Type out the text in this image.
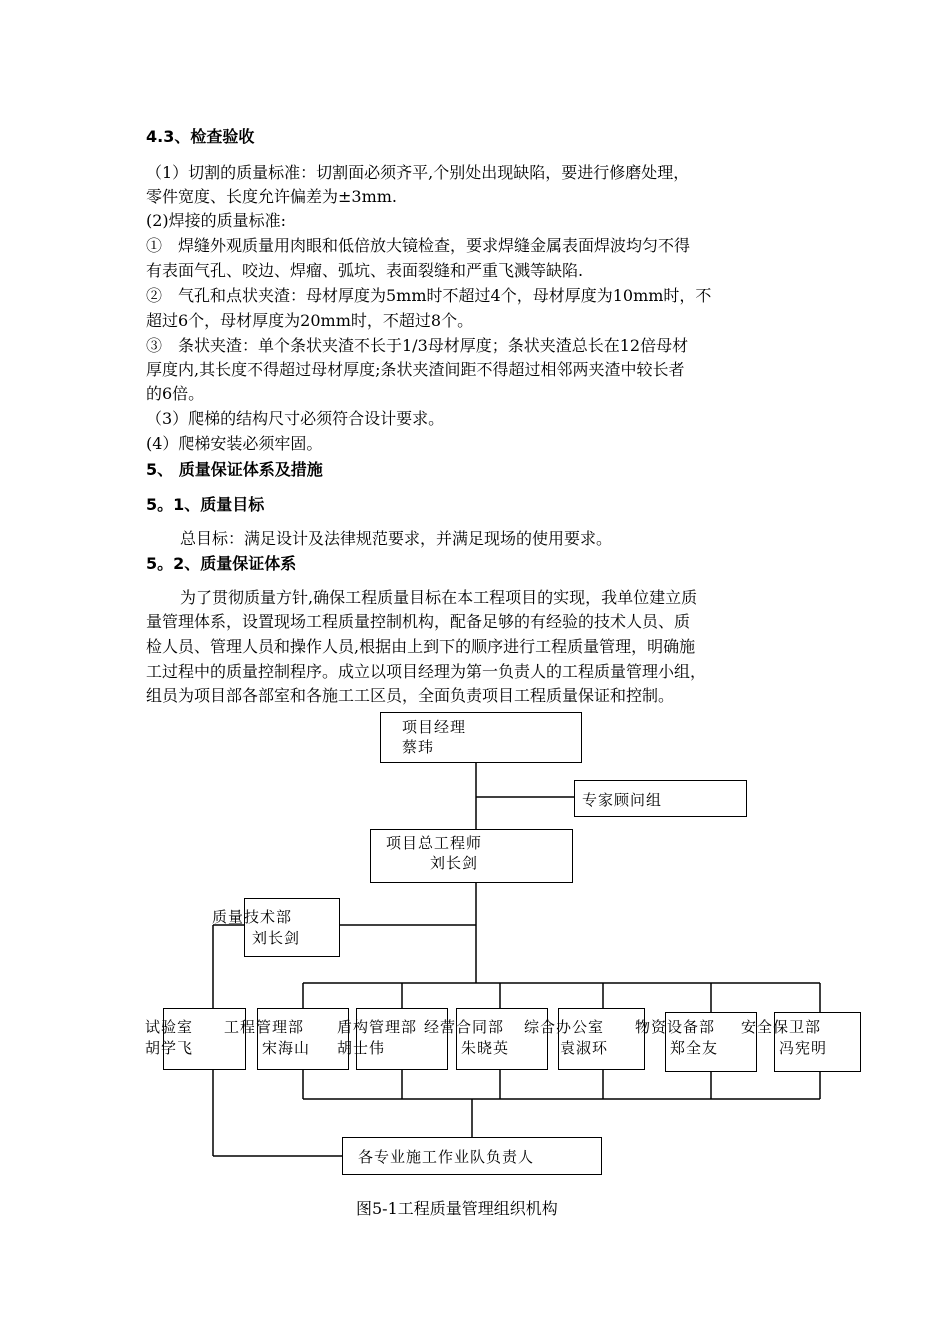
4.3、检查验收
（1）切割的质量标准：切割面必须齐平,个别处出现缺陷，要进行修磨处理，
零件宽度、长度允许偏差为±3mm.
(2)焊接的质量标准:
①　焊缝外观质量用肉眼和低倍放大镜检查，要求焊缝金属表面焊波均匀不得
有表面气孔、咬边、焊瘤、弧坑、表面裂缝和严重飞溅等缺陷.
②　气孔和点状夹渣：母材厚度为5mm时不超过4个，母材厚度为10mm时，不
超过6个，母材厚度为20mm时，不超过8个。
③　条状夹渣：单个条状夹渣不长于1/3母材厚度；条状夹渣总长在12倍母材
厚度内,其长度不得超过母材厚度;条状夹渣间距不得超过相邻两夹渣中较长者
的6倍。
（3）爬梯的结构尺寸必须符合设计要求。
(4）爬梯安装必须牢固。
5、 质量保证体系及措施
5。1、质量目标
总目标：满足设计及法律规范要求，并满足现场的使用要求。
5。2、质量保证体系
为了贯彻质量方针,确保工程质量目标在本工程项目的实现，我单位建立质
量管理体系，设置现场工程质量控制机构，配备足够的有经验的技术人员、质
检人员、管理人员和操作人员,根据由上到下的顺序进行工程质量管理，明确施
工过程中的质量控制程序。成立以项目经理为第一负责人的工程质量管理小组，
组员为项目部各部室和各施工工区员，全面负责项目工程质量保证和控制。
项目经理
蔡玮
专家顾问组
项目总工程师
刘长剑
质量技术部
刘长剑
试验室
胡学飞
工程管理部
宋海山
盾构管理部
胡士伟
经营合同部
朱晓英
综合办公室
袁淑环
物资设备部
郑全友
安全保卫部
冯宪明
各专业施工作业队负责人
图5-1工程质量管理组织机构
